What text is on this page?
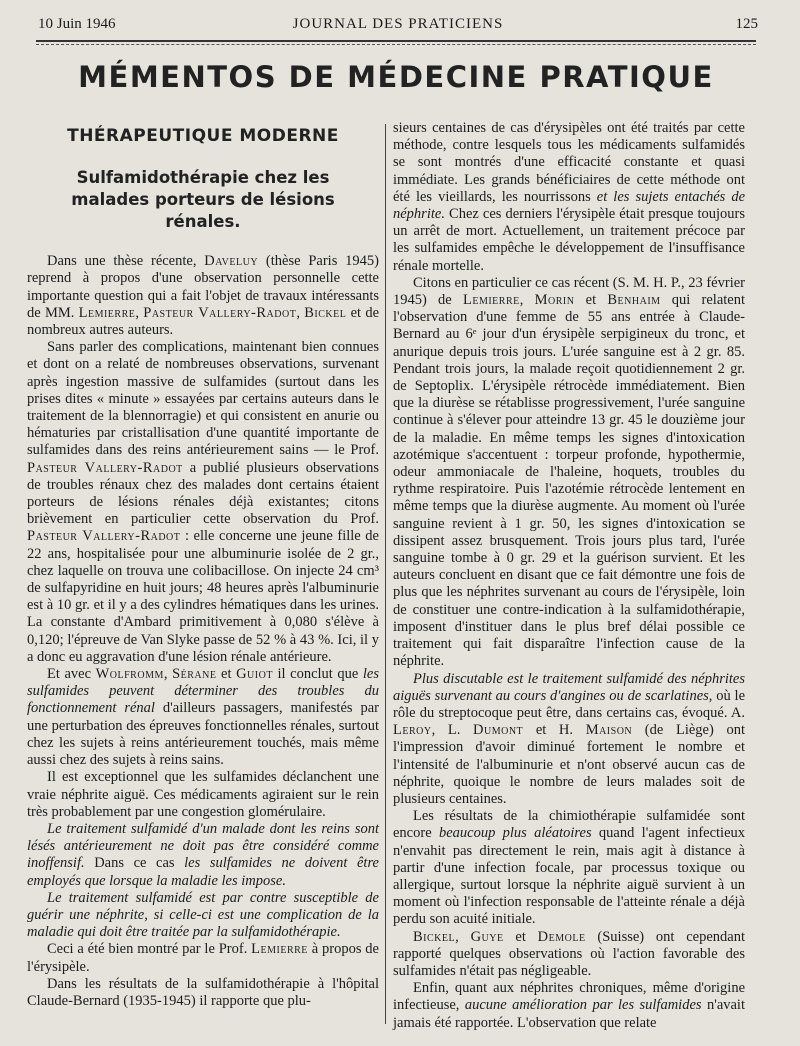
10 Juin 1946	JOURNAL DES PRATICIENS	125
MÉMENTOS DE MÉDECINE PRATIQUE
THÉRAPEUTIQUE MODERNE
Sulfamidothérapie chez les malades porteurs de lésions rénales.

Dans une thèse récente, Daveluy (thèse Paris 1945) reprend à propos d'une observation personnelle cette importante question qui a fait l'objet de travaux intéressants de MM. Lemierre, Pasteur Vallery-Radot, Bickel et de nombreux autres auteurs.

Sans parler des complications, maintenant bien connues et dont on a relaté de nombreuses observations, survenant après ingestion massive de sulfamides (surtout dans les prises dites « minute » essayées par certains auteurs dans le traitement de la blennorragie) et qui consistent en anurie ou hématuries par cristallisation d'une quantité importante de sulfamides dans des reins antérieurement sains — le Prof. Pasteur Vallery-Radot a publié plusieurs observations de troubles rénaux chez des malades dont certains étaient porteurs de lésions rénales déjà existantes; citons brièvement en particulier cette observation du Prof. Pasteur Vallery-Radot : elle concerne une jeune fille de 22 ans, hospitalisée pour une albuminurie isolée de 2 gr., chez laquelle on trouva une colibacillose. On injecte 24 cm³ de sulfapyridine en huit jours; 48 heures après l'albuminurie est à 10 gr. et il y a des cylindres hématiques dans les urines. La constante d'Ambard primitivement à 0,080 s'élève à 0,120; l'épreuve de Van Slyke passe de 52 % à 43 %. Ici, il y a donc eu aggravation d'une lésion rénale antérieure.

Et avec Wolfromm, Sérane et Guiot il conclut que les sulfamides peuvent déterminer des troubles du fonctionnement rénal d'ailleurs passagers, manifestés par une perturbation des épreuves fonctionnelles rénales, surtout chez les sujets à reins antérieurement touchés, mais même aussi chez des sujets à reins sains.

Il est exceptionnel que les sulfamides déclanchent une vraie néphrite aiguë. Ces médicaments agiraient sur le rein très probablement par une congestion glomérulaire.

Le traitement sulfamidé d'un malade dont les reins sont lésés antérieurement ne doit pas être considéré comme inoffensif. Dans ce cas les sulfamides ne doivent être employés que lorsque la maladie les impose.

Le traitement sulfamidé est par contre susceptible de guérir une néphrite, si celle-ci est une complication de la maladie qui doit être traitée par la sulfamidothérapie.

Ceci a été bien montré par le Prof. Lemierre à propos de l'érysipèle.

Dans les résultats de la sulfamidothérapie à l'hôpital Claude-Bernard (1935-1945) il rapporte que plu-

sieurs centaines de cas d'érysipèles ont été traités par cette méthode, contre lesquels tous les médicaments sulfamidés se sont montrés d'une efficacité constante et quasi immédiate. Les grands bénéficiaires de cette méthode ont été les vieillards, les nourrissons et les sujets entachés de néphrite. Chez ces derniers l'érysipèle était presque toujours un arrêt de mort. Actuellement, un traitement précoce par les sulfamides empêche le développement de l'insuffisance rénale mortelle.

Citons en particulier ce cas récent (S. M. H. P., 23 février 1945) de Lemierre, Morin et Benhaim qui relatent l'observation d'une femme de 55 ans entrée à Claude-Bernard au 6ᵉ jour d'un érysipèle serpigineux du tronc, et anurique depuis trois jours. L'urée sanguine est à 2 gr. 85. Pendant trois jours, la malade reçoit quotidiennement 2 gr. de Septoplix. L'érysipèle rétrocède immédiatement. Bien que la diurèse se rétablisse progressivement, l'urée sanguine continue à s'élever pour atteindre 13 gr. 45 le douzième jour de la maladie. En même temps les signes d'intoxication azotémique s'accentuent : torpeur profonde, hypothermie, odeur ammoniacale de l'haleine, hoquets, troubles du rythme respiratoire. Puis l'azotémie rétrocède lentement en même temps que la diurèse augmente. Au moment où l'urée sanguine revient à 1 gr. 50, les signes d'intoxication se dissipent assez brusquement. Trois jours plus tard, l'urée sanguine tombe à 0 gr. 29 et la guérison survient. Et les auteurs concluent en disant que ce fait démontre une fois de plus que les néphrites survenant au cours de l'érysipèle, loin de constituer une contre-indication à la sulfamidothérapie, imposent d'instituer dans le plus bref délai possible ce traitement qui fait disparaître l'infection cause de la néphrite.

Plus discutable est le traitement sulfamidé des néphrites aiguës survenant au cours d'angines ou de scarlatines, où le rôle du streptocoque peut être, dans certains cas, évoqué. A. Leroy, L. Dumont et H. Maison (de Liège) ont l'impression d'avoir diminué fortement le nombre et l'intensité de l'albuminurie et n'ont observé aucun cas de néphrite, quoique le nombre de leurs malades soit de plusieurs centaines.

Les résultats de la chimiothérapie sulfamidée sont encore beaucoup plus aléatoires quand l'agent infectieux n'envahit pas directement le rein, mais agit à distance à partir d'une infection focale, par processus toxique ou allergique, surtout lorsque la néphrite aiguë survient à un moment où l'infection responsable de l'atteinte rénale a déjà perdu son acuité initiale.

Bickel, Guye et Demole (Suisse) ont cependant rapporté quelques observations où l'action favorable des sulfamides n'était pas négligeable.

Enfin, quant aux néphrites chroniques, même d'origine infectieuse, aucune amélioration par les sulfamides n'avait jamais été rapportée. L'observation que relate
